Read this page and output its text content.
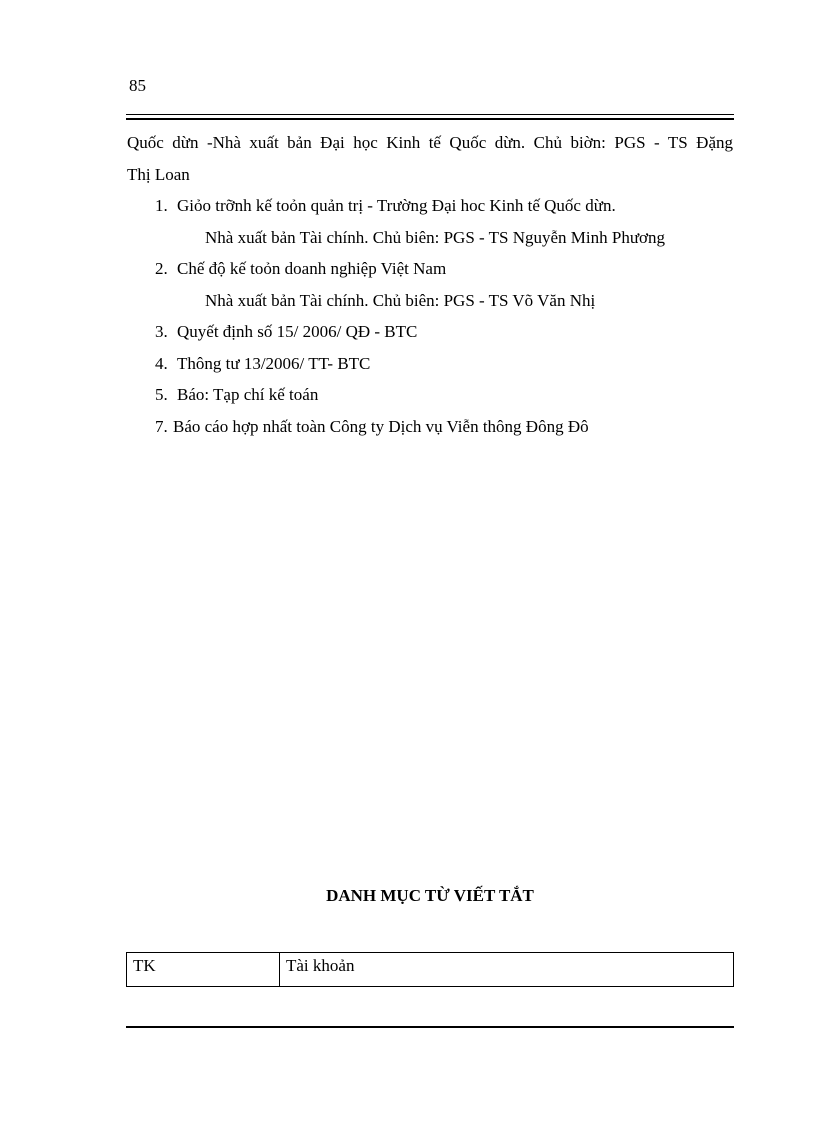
85

Quốc dừn -Nhà xuất bản Đại học Kinh tế Quốc dừn. Chủ biờn: PGS - TS Đặng

Thị Loan

1. Giỏo trỡnh kế toỏn quản trị - Trường Đại hoc Kinh tế Quốc dừn.
Nhà xuất bản Tài chính. Chủ biên: PGS - TS Nguyễn Minh Phương

2. Chế độ kế toỏn doanh nghiệp Việt Nam
Nhà xuất bản Tài chính. Chủ biên: PGS - TS Võ Văn Nhị

3. Quyết định số 15/ 2006/ QĐ - BTC

4. Thông tư 13/2006/ TT- BTC

5. Báo: Tạp chí kế toán

7. Báo cáo hợp nhất toàn Công ty Dịch vụ Viễn thông Đông Đô

DANH MỤC TỪ VIẾT TẮT
TK	Tài khoản
